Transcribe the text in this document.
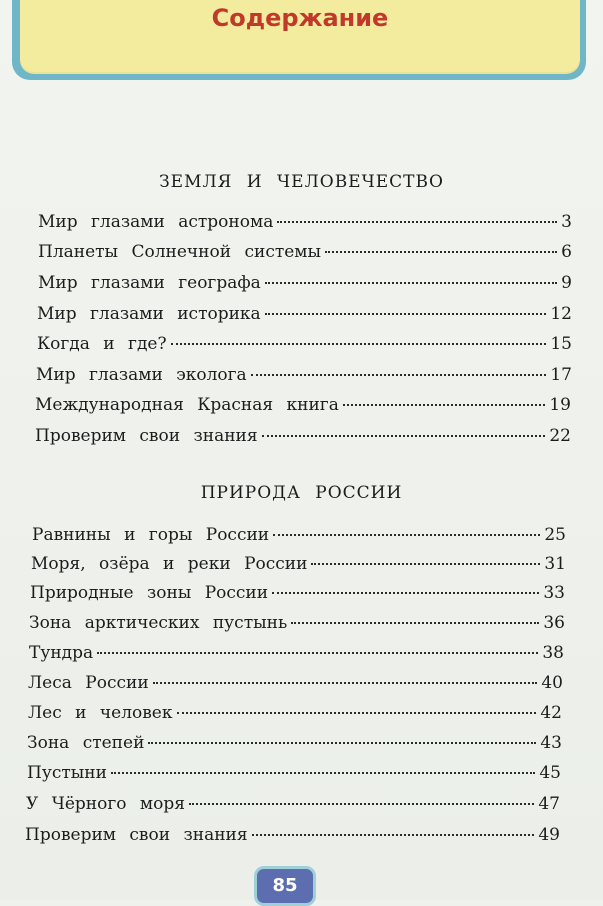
Содержание
ЗЕМЛЯ И ЧЕЛОВЕЧЕСТВО
Мир глазами астронома	3
Планеты Солнечной системы	6
Мир глазами географа	9
Мир глазами историка	12
Когда и где?	15
Мир глазами эколога	17
Международная Красная книга	19
Проверим свои знания	22
ПРИРОДА РОССИИ
Равнины и горы России	25
Моря, озёра и реки России	31
Природные зоны России	33
Зона арктических пустынь	36
Тундра	38
Леса России	40
Лес и человек	42
Зона степей	43
Пустыни	45
У Чёрного моря	47
Проверим свои знания	49
85
